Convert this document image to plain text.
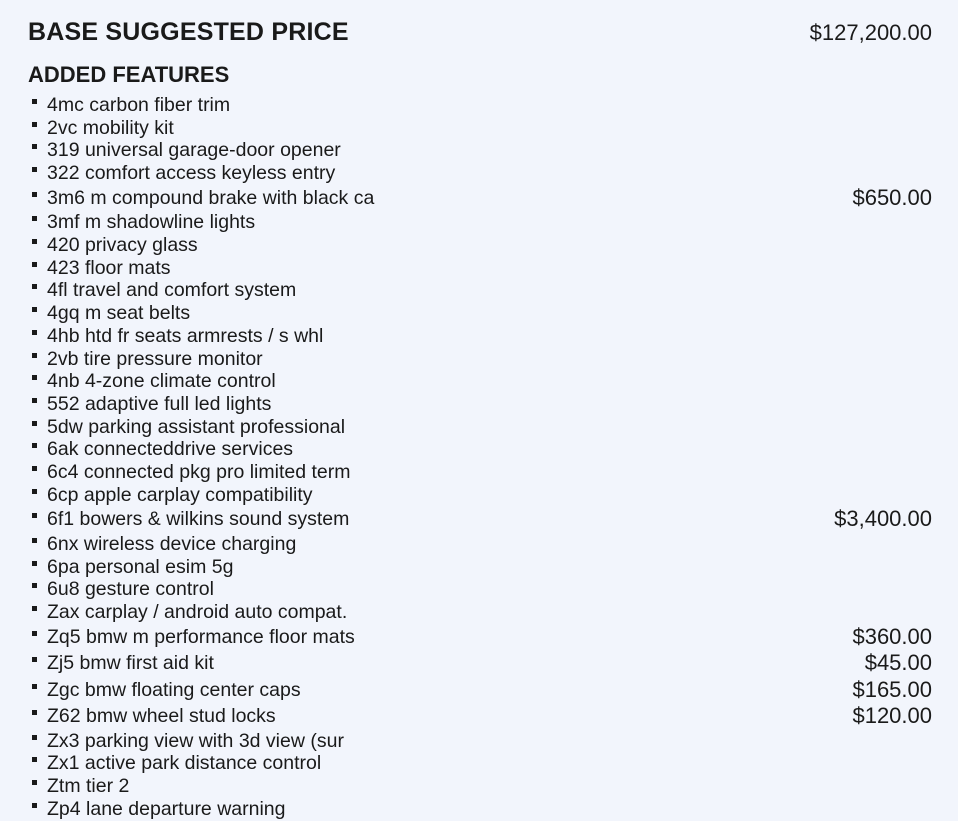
BASE SUGGESTED PRICE	$127,200.00
ADDED FEATURES
4mc carbon fiber trim
2vc mobility kit
319 universal garage-door opener
322 comfort access keyless entry
3m6 m compound brake with black ca	$650.00
3mf m shadowline lights
420 privacy glass
423 floor mats
4fl travel and comfort system
4gq m seat belts
4hb htd fr seats armrests / s whl
2vb tire pressure monitor
4nb 4-zone climate control
552 adaptive full led lights
5dw parking assistant professional
6ak connecteddrive services
6c4 connected pkg pro limited term
6cp apple carplay compatibility
6f1 bowers & wilkins sound system	$3,400.00
6nx wireless device charging
6pa personal esim 5g
6u8 gesture control
Zax carplay / android auto compat.
Zq5 bmw m performance floor mats	$360.00
Zj5 bmw first aid kit	$45.00
Zgc bmw floating center caps	$165.00
Z62 bmw wheel stud locks	$120.00
Zx3 parking view with 3d view (sur
Zx1 active park distance control
Ztm tier 2
Zp4 lane departure warning
